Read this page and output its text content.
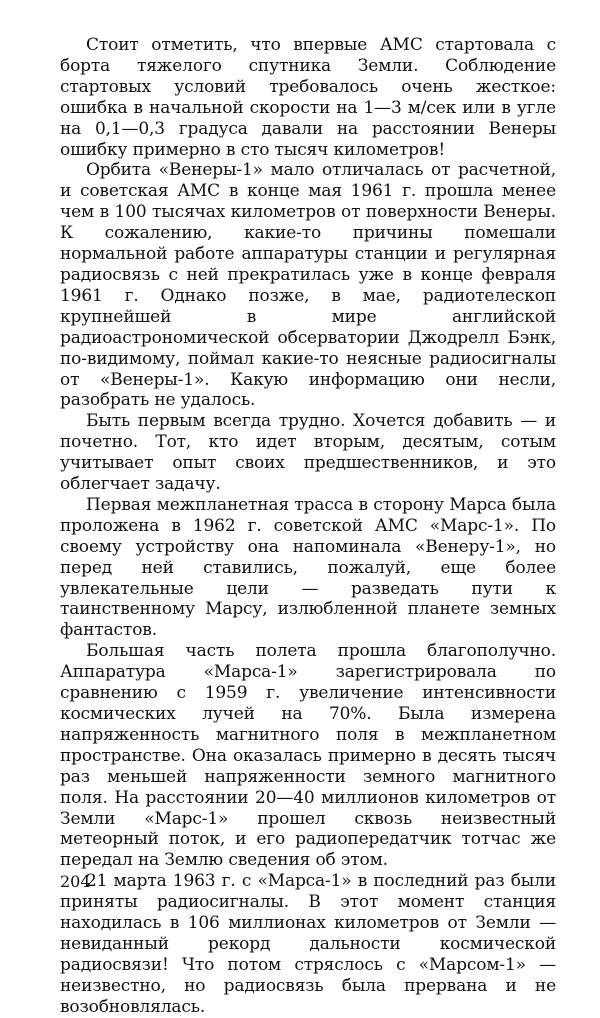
Стоит отметить, что впервые АМС стартовала с борта тяжелого спутника Земли. Соблюдение стартовых условий требовалось очень жесткое: ошибка в начальной скорости на 1—3 м/сек или в угле на 0,1—0,3 градуса давали на расстоянии Венеры ошибку примерно в сто тысяч километров!

Орбита «Венеры-1» мало отличалась от расчетной, и советская АМС в конце мая 1961 г. прошла менее чем в 100 тысячах километров от поверхности Венеры. К сожалению, какие-то причины помешали нормальной работе аппаратуры станции и регулярная радиосвязь с ней прекратилась уже в конце февраля 1961 г. Однако позже, в мае, радиотелескоп крупнейшей в мире английской радиоастрономической обсерватории Джодрелл Бэнк, по-видимому, поймал какие-то неясные радиосигналы от «Венеры-1». Какую информацию они несли, разобрать не удалось.

Быть первым всегда трудно. Хочется добавить — и почетно. Тот, кто идет вторым, десятым, сотым учитывает опыт своих предшественников, и это облегчает задачу.

Первая межпланетная трасса в сторону Марса была проложена в 1962 г. советской АМС «Марс-1». По своему устройству она напоминала «Венеру-1», но перед ней ставились, пожалуй, еще более увлекательные цели — разведать пути к таинственному Марсу, излюбленной планете земных фантастов.

Большая часть полета прошла благополучно. Аппаратура «Марса-1» зарегистрировала по сравнению с 1959 г. увеличение интенсивности космических лучей на 70%. Была измерена напряженность магнитного поля в межпланетном пространстве. Она оказалась примерно в десять тысяч раз меньшей напряженности земного магнитного поля. На расстоянии 20—40 миллионов километров от Земли «Марс-1» прошел сквозь неизвестный метеорный поток, и его радиопередатчик тотчас же передал на Землю сведения об этом.

21 марта 1963 г. с «Марса-1» в последний раз были приняты радиосигналы. В этот момент станция находилась в 106 миллионах километров от Земли — невиданный рекорд дальности космической радиосвязи! Что потом стряслось с «Марсом-1» — неизвестно, но радиосвязь была прервана и не возобновлялась.

204
